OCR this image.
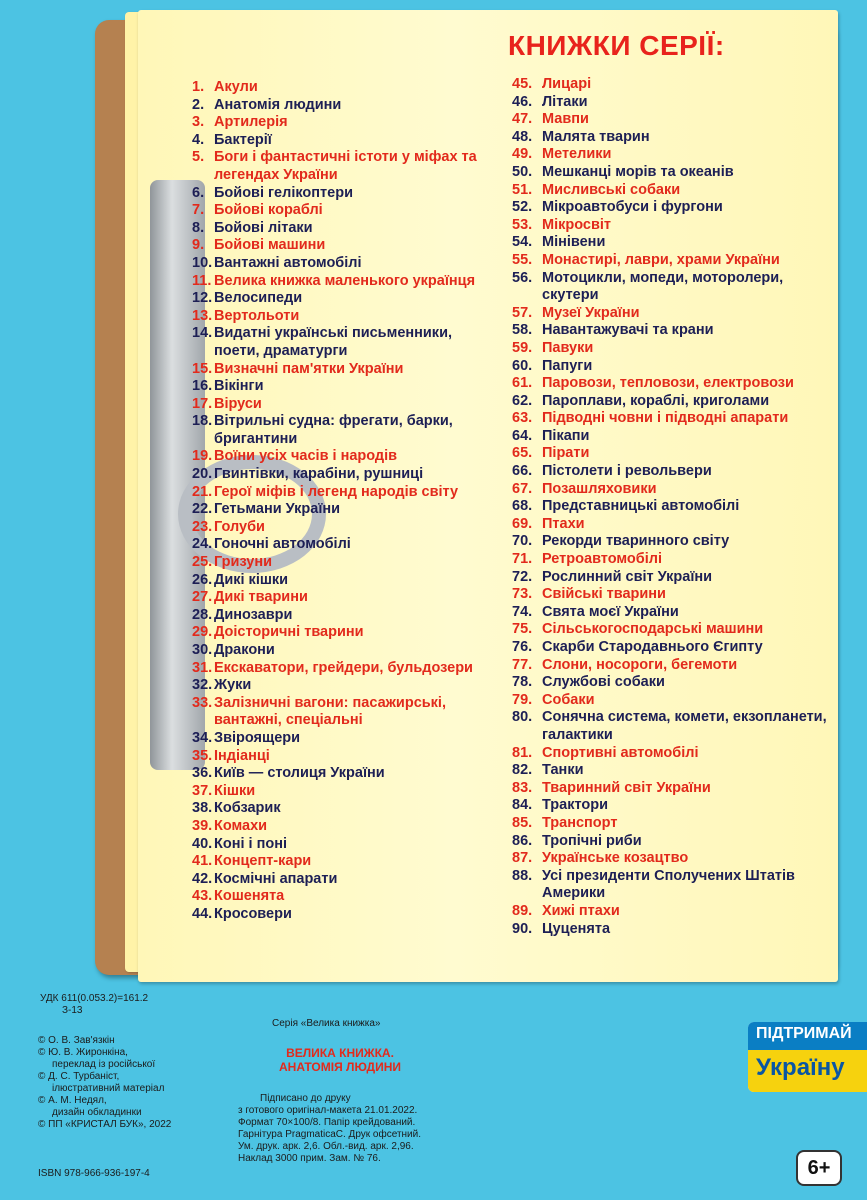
КНИЖКИ СЕРІЇ:
1. Акули
2. Анатомія людини
3. Артилерія
4. Бактерії
5. Боги і фантастичні істоти у міфах та легендах України
6. Бойові гелікоптери
7. Бойові кораблі
8. Бойові літаки
9. Бойові машини
10. Вантажні автомобілі
11. Велика книжка маленького українця
12. Велосипеди
13. Вертольоти
14. Видатні українські письменники, поети, драматурги
15. Визначні пам'ятки України
16. Вікінги
17. Віруси
18. Вітрильні судна: фрегати, барки, бригантини
19. Воїни усіх часів і народів
20. Гвинтівки, карабіни, рушниці
21. Герої міфів і легенд народів світу
22. Гетьмани України
23. Голуби
24. Гоночні автомобілі
25. Гризуни
26. Дикі кішки
27. Дикі тварини
28. Динозаври
29. Доісторичні тварини
30. Дракони
31. Екскаватори, грейдери, бульдозери
32. Жуки
33. Залізничні вагони: пасажирські, вантажні, спеціальні
34. Звіроящери
35. Індіанці
36. Київ — столиця України
37. Кішки
38. Кобзарик
39. Комахи
40. Коні і поні
41. Концепт-кари
42. Космічні апарати
43. Кошенята
44. Кросовери
45. Лицарі
46. Літаки
47. Мавпи
48. Малята тварин
49. Метелики
50. Мешканці морів та океанів
51. Мисливські собаки
52. Мікроавтобуси і фургони
53. Мікросвіт
54. Мінівени
55. Монастирі, лаври, храми України
56. Мотоцикли, мопеди, моторолери, скутери
57. Музеї України
58. Навантажувачі та крани
59. Павуки
60. Папуги
61. Паровози, тепловози, електровози
62. Пароплави, кораблі, криголами
63. Підводні човни і підводні апарати
64. Пікапи
65. Пірати
66. Пістолети і револьвери
67. Позашляховики
68. Представницькі автомобілі
69. Птахи
70. Рекорди тваринного світу
71. Ретроавтомобілі
72. Рослинний світ України
73. Свійські тварини
74. Свята моєї України
75. Сільськогосподарські машини
76. Скарби Стародавнього Єгипту
77. Слони, носороги, бегемоти
78. Службові собаки
79. Собаки
80. Сонячна система, комети, екзопланети, галактики
81. Спортивні автомобілі
82. Танки
83. Тваринний світ України
84. Трактори
85. Транспорт
86. Тропічні риби
87. Українське козацтво
88. Усі президенти Сполучених Штатів Америки
89. Хижі птахи
90. Цуценята
УДК 611(0.053.2)=161.2
З-13
© О. В. Зав'язкін
© Ю. В. Жиронкіна,
переклад із російської
© Д. С. Турбаніст,
ілюстративний матеріал
© А. М. Недял,
дизайн обкладинки
© ПП «КРИСТАЛ БУК», 2022
ISBN 978-966-936-197-4
Серія «Велика книжка»
ВЕЛИКА КНИЖКА.
АНАТОМІЯ ЛЮДИНИ
Підписано до друку
з готового оригінал-макета 21.01.2022.
Формат 70×100/8. Папір крейдований.
Гарнітура PragmaticaC. Друк офсетний.
Ум. друк. арк. 2,6. Обл.-вид. арк. 2,96.
Наклад 3000 прим. Зам. № 76.
ПІДТРИМАЙ
Україну
6+
